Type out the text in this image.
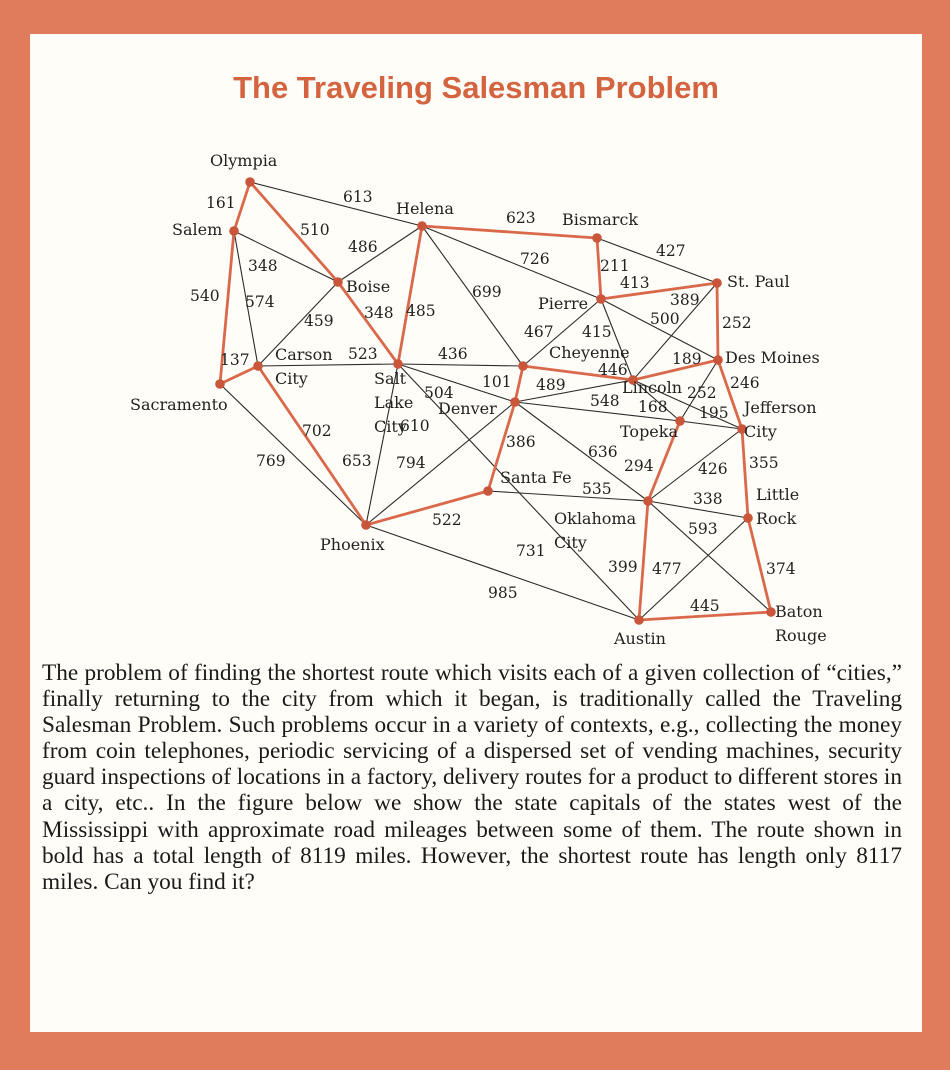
The Traveling Salesman Problem
161	613
510
348
574
540
137
769
459
523
702
486
348 485
623
726
699
436
504
653
610
794
522
985
211
427
413
467 415
500
389
252
101
446
489
548
386
731
189
168
252
246
195
294
535
426 355
338
399
593
477	374
445
636
Olympia
Salem
Sacramento
Carson City
Boise
Helena
Salt Lake City
Phoenix
Bismarck
Pierre
Cheyenne
Denver
Santa Fe
St. Paul
Des Moines
Lincoln
Topeka
Jefferson City
Oklahoma City
Little Rock
Austin
Baton Rouge

The problem of finding the shortest route which visits each of a given collection of “cities,” finally returning to the city from which it began, is traditionally called the Traveling Salesman Problem. Such problems occur in a variety of contexts, e.g., collecting the money from coin telephones, periodic servicing of a dispersed set of vending machines, security guard inspections of locations in a factory, delivery routes for a product to different stores in a city, etc.. In the figure below we show the state capitals of the states west of the Mississippi with approximate road mileages between some of them. The route shown in bold has a total length of 8119 miles. However, the shortest route has length only 8117 miles. Can you find it?
